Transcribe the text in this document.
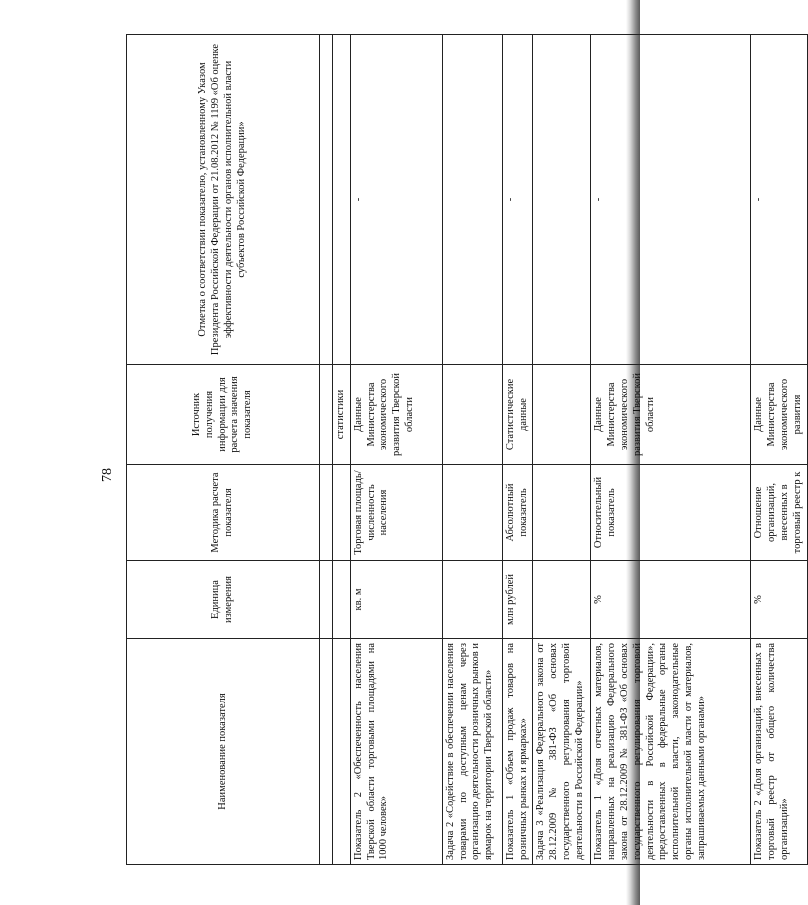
78
Наименование показателя	Единица измерения	Методика расчета показателя	Источник получения информации для расчета значения показателя	Отметка о соответствии показателю, установленному Указом Президента Российской Федерации от 21.08.2012 № 1199 «Об оценке эффективности деятельности органов исполнительной власти субъектов Российской Федерации»

			статистики	
Показатель 2 «Обеспеченность населения Тверской области торговыми площадями на 1000 человек»	кв. м	Торговая площадь/ численность населения	Данные Министерства экономического развития Тверской области	-
Задача 2 «Содействие в обеспечении населения товарами по доступным ценам через организацию деятельности розничных рынков и ярмарок на территории Тверской области»				
Показатель 1 «Объем продаж товаров на розничных рынках и ярмарках»	млн рублей	Абсолютный показатель	Статистические данные	-
Задача 3 «Реализация Федерального закона от 28.12.2009 № 381-ФЗ «Об основах государственного регулирования торговой деятельности в Российской Федерации»				
Показатель 1 «Доля отчетных материалов, направленных на реализацию Федерального закона от 28.12.2009 № 381-ФЗ «Об основах государственного регулирования торговой деятельности в Российской Федерации», предоставленных в федеральные органы исполнительной власти, законодательные органы исполнительной власти от материалов, запрашиваемых данными органами»	%	Относительный показатель	Данные Министерства экономического развития Тверской области	-
Показатель 2 «Доля организаций, внесенных в торговый реестр от общего количества организаций»	%	Отношение организаций, внесенных в торговый реестр к	Данные Министерства экономического развития	-
